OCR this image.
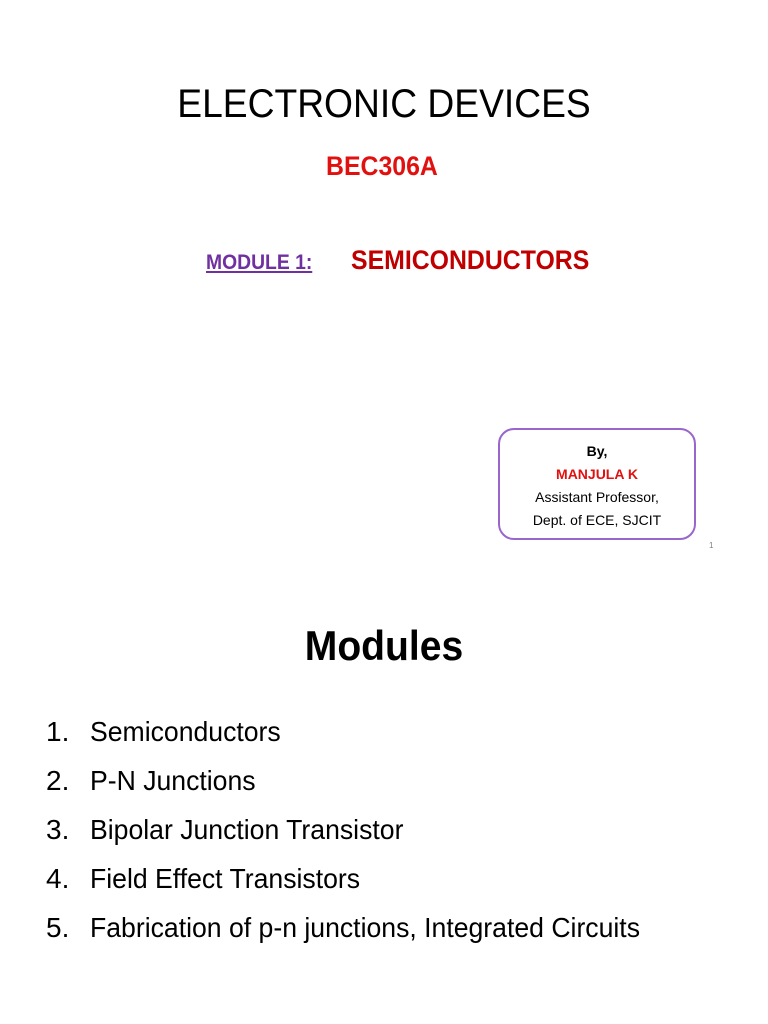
ELECTRONIC DEVICES
BEC306A
MODULE 1: SEMICONDUCTORS
By,
MANJULA K
Assistant Professor,
Dept. of ECE, SJCIT
1
Modules
1. Semiconductors
2. P-N Junctions
3. Bipolar Junction Transistor
4. Field Effect Transistors
5. Fabrication of p-n junctions, Integrated Circuits
